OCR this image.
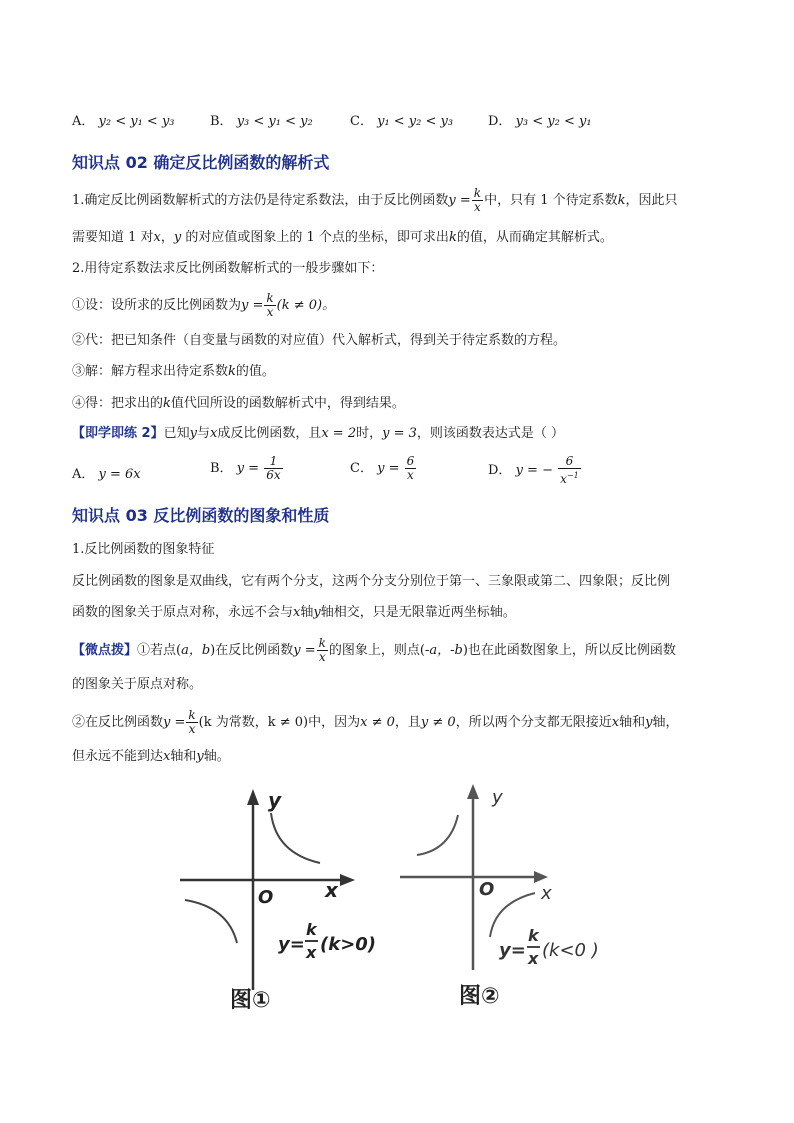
A． y₂ < y₁ < y₃	B． y₃ < y₁ < y₂	C． y₁ < y₂ < y₃	D． y₃ < y₂ < y₁
知识点 02 确定反比例函数的解析式
1.确定反比例函数解析式的方法仍是待定系数法，由于反比例函数$y = \frac{k}{x}$ 中，只有 1 个待定系数k，因此只
需要知道 1 对x，y 的对应值或图象上的 1 个点的坐标，即可求出k的值，从而确定其解析式。
2.用待定系数法求反比例函数解析式的一般步骤如下：
①设：设所求的反比例函数为$y = \frac{k}{x} (k \ne 0)$。
②代：把已知条件（自变量与函数的对应值）代入解析式，得到关于待定系数的方程。
③解：解方程求出待定系数k的值。
④得：把求出的k值代回所设的函数解析式中，得到结果。
【即学即练 2】已知y与x成反比例函数，且x = 2时，y = 3，则该函数表达式是（ ）
A． y = 6x	B． $y = \frac{1}{6x}$	C． $y = \frac{6}{x}$	D． y = − $\frac{6}{x^{-1}}$
知识点 03 反比例函数的图象和性质
1.反比例函数的图象特征
反比例函数的图象是双曲线，它有两个分支，这两个分支分别位于第一、三象限或第二、四象限；反比例
函数的图象关于原点对称，永远不会与x轴y轴相交，只是无限靠近两坐标轴。
【微点拨】①若点(a，b)在反比例函数$y = \frac{k}{x}$ 的图象上，则点(-a，-b)也在此函数图象上，所以反比例函数
的图象关于原点对称。
②在反比例函数$y = \frac{k}{x} (k$ 为常数，k ≠ 0)中，因为x ≠ 0，且y ≠ 0，所以两个分支都无限接近x轴和y轴，
但永远不能到达x轴和y轴。
y
x
O
y=
k
x (k>0)
图①
y
x
O
y=
k
x (k<0 )
图②
